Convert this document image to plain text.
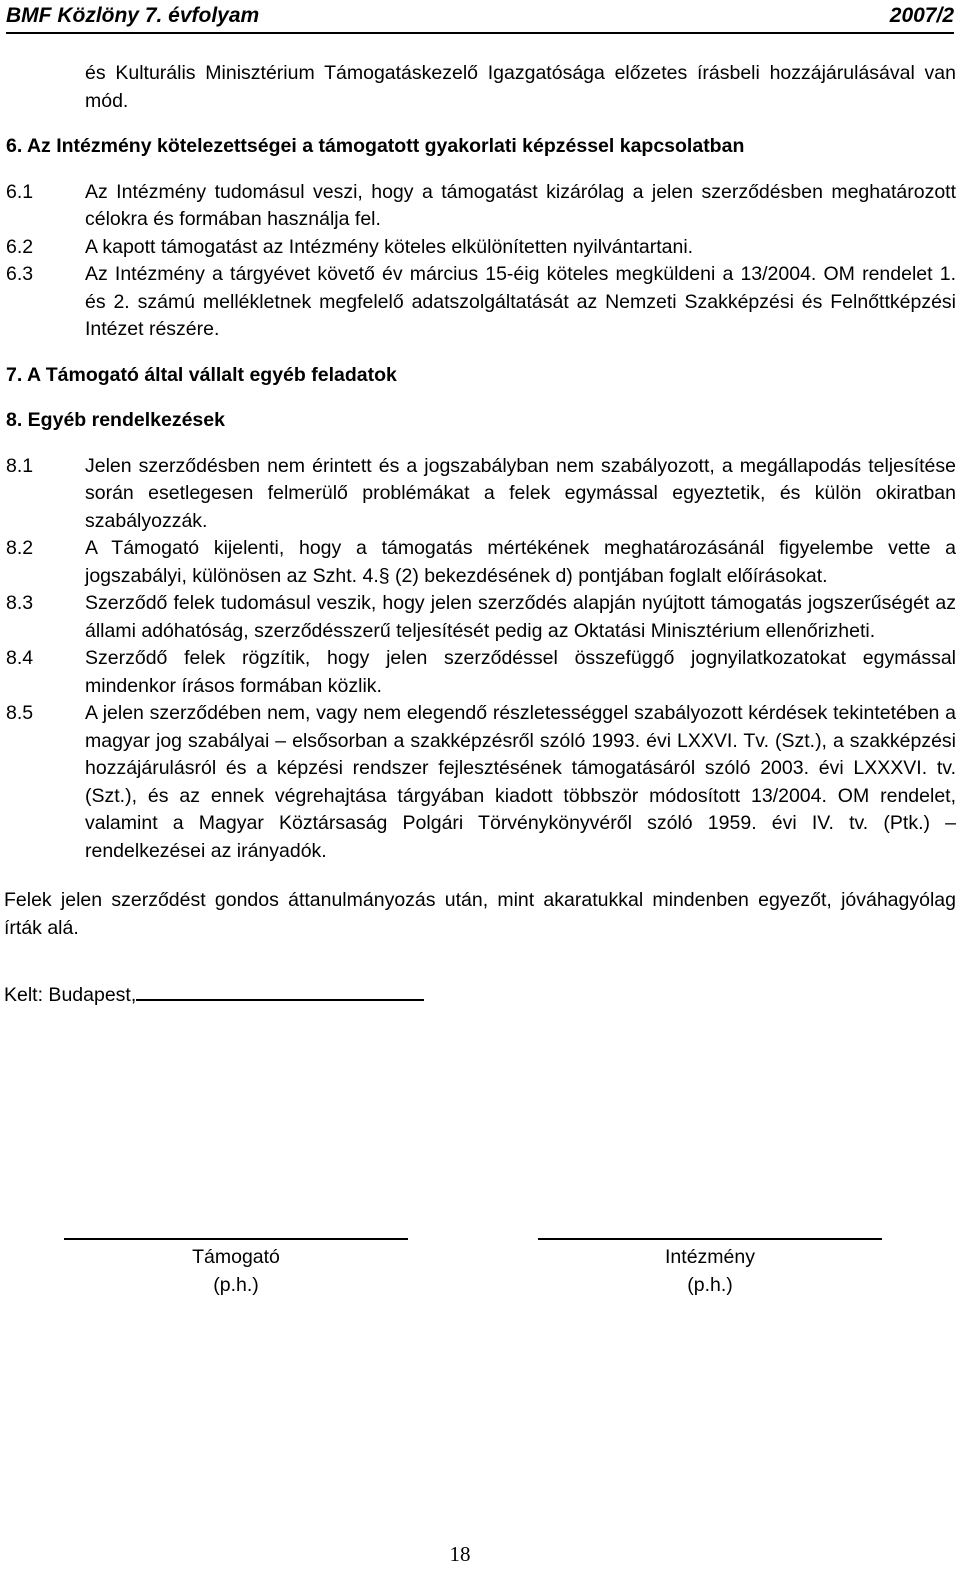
BMF Közlöny 7. évfolyam	2007/2
és Kulturális Minisztérium Támogatáskezelő Igazgatósága előzetes írásbeli hozzájárulásával van mód.
6. Az Intézmény kötelezettségei a támogatott gyakorlati képzéssel kapcsolatban
6.1	Az Intézmény tudomásul veszi, hogy a támogatást kizárólag a jelen szerződésben meghatározott célokra és formában használja fel.
6.2	A kapott támogatást az Intézmény köteles elkülönítetten nyilvántartani.
6.3	Az Intézmény a tárgyévet követő év március 15-éig köteles megküldeni a 13/2004. OM rendelet 1. és 2. számú mellékletnek megfelelő adatszolgáltatását az Nemzeti Szakképzési és Felnőttképzési Intézet részére.
7. A Támogató által vállalt egyéb feladatok
8. Egyéb rendelkezések
8.1	Jelen szerződésben nem érintett és a jogszabályban nem szabályozott, a megállapodás teljesítése során esetlegesen felmerülő problémákat a felek egymással egyeztetik, és külön okiratban szabályozzák.
8.2	A Támogató kijelenti, hogy a támogatás mértékének meghatározásánál figyelembe vette a jogszabályi, különösen az Szht. 4.§ (2) bekezdésének d) pontjában foglalt előírásokat.
8.3	Szerződő felek tudomásul veszik, hogy jelen szerződés alapján nyújtott támogatás jogszerűségét az állami adóhatóság, szerződésszerű teljesítését pedig az Oktatási Minisztérium ellenőrizheti.
8.4	Szerződő felek rögzítik, hogy jelen szerződéssel összefüggő jognyilatkozatokat egymással mindenkor írásos formában közlik.
8.5	A jelen szerződében nem, vagy nem elegendő részletességgel szabályozott kérdések tekintetében a magyar jog szabályai – elsősorban a szakképzésről szóló 1993. évi LXXVI. Tv. (Szt.), a szakképzési hozzájárulásról és a képzési rendszer fejlesztésének támogatásáról szóló 2003. évi LXXXVI. tv. (Szt.), és az ennek végrehajtása tárgyában kiadott többször módosított 13/2004. OM rendelet, valamint a Magyar Köztársaság Polgári Törvénykönyvéről szóló 1959. évi IV. tv. (Ptk.) – rendelkezései az irányadók.
Felek jelen szerződést gondos áttanulmányozás után, mint akaratukkal mindenben egyezőt, jóváhagyólag írták alá.
Kelt: Budapest,
Támogató
(p.h.)
Intézmény
(p.h.)
18
